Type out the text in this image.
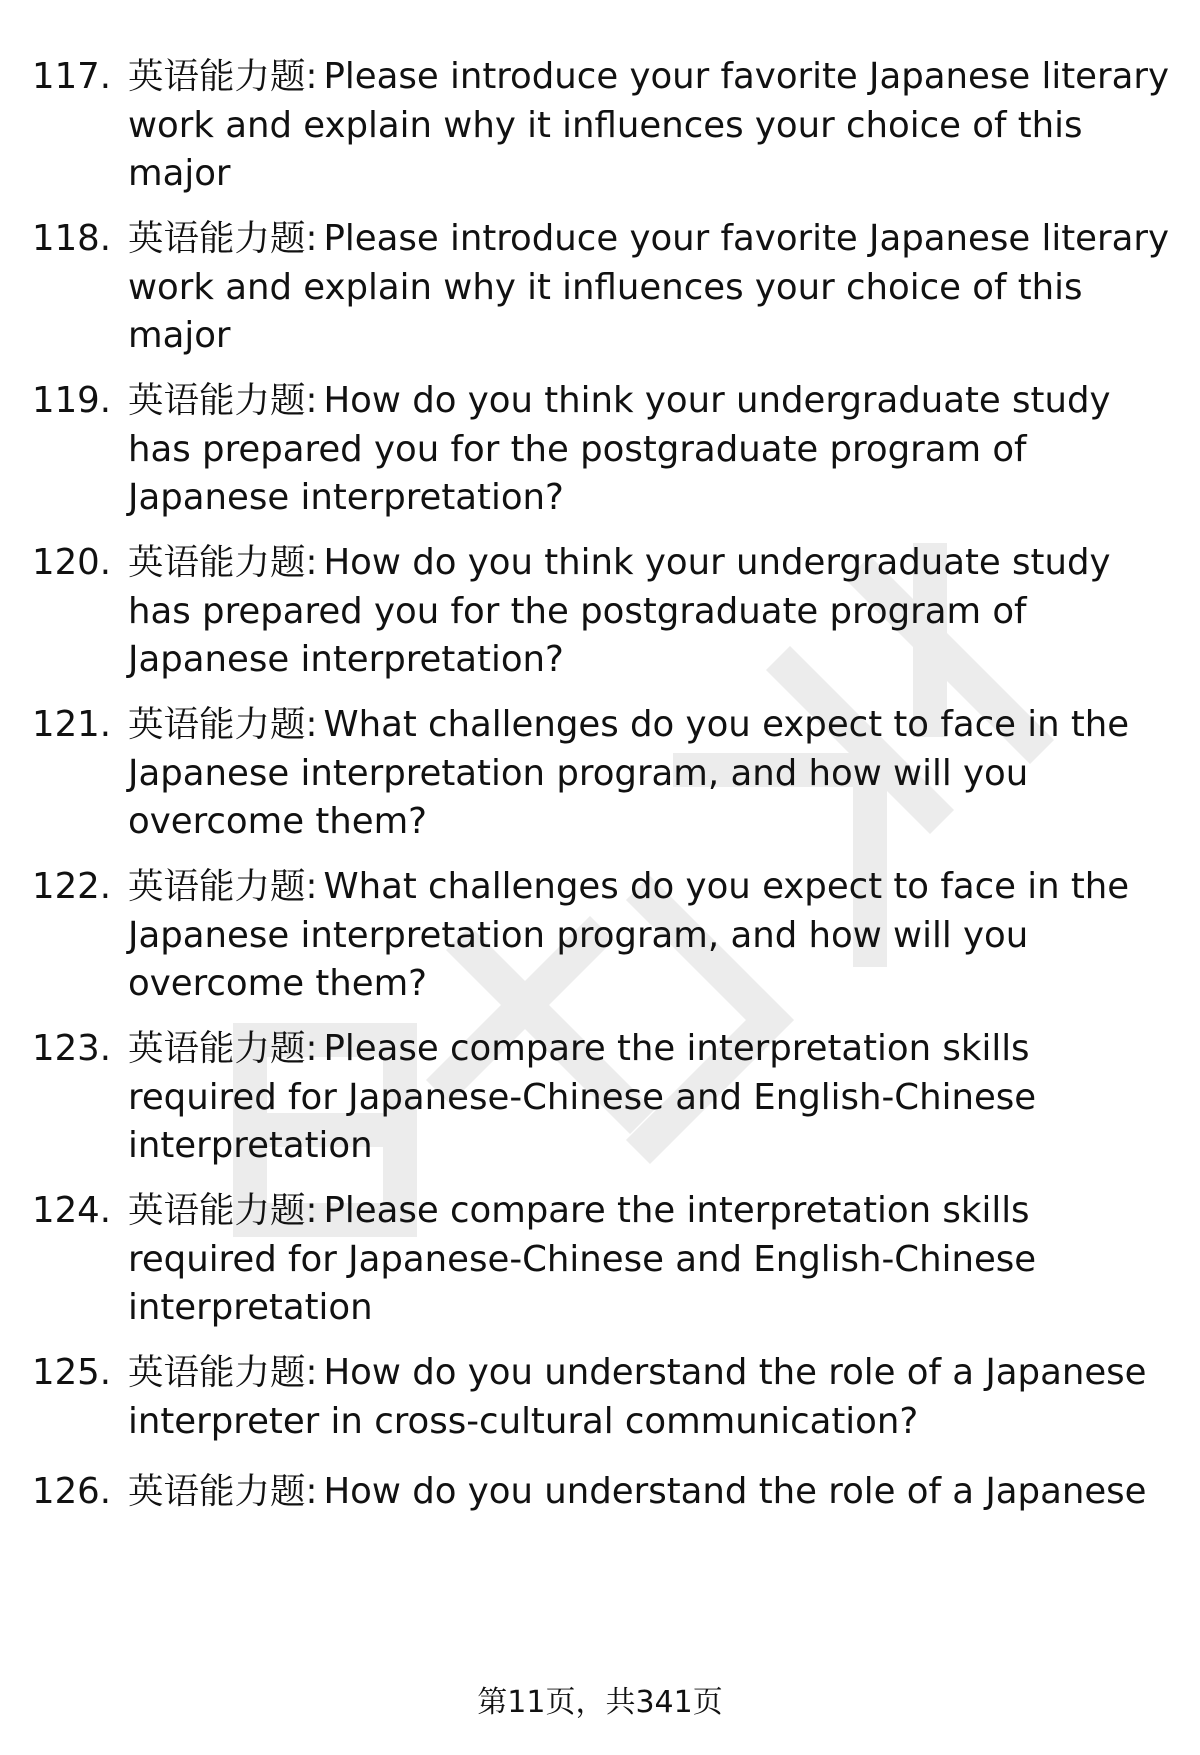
117. 英语能力题: Please introduce your favorite Japanese literary
work and explain why it influences your choice of this
major
118. 英语能力题: Please introduce your favorite Japanese literary
work and explain why it influences your choice of this
major
119. 英语能力题: How do you think your undergraduate study
has prepared you for the postgraduate program of
Japanese interpretation?
120. 英语能力题: How do you think your undergraduate study
has prepared you for the postgraduate program of
Japanese interpretation?
121. 英语能力题: What challenges do you expect to face in the
Japanese interpretation program, and how will you
overcome them?
122. 英语能力题: What challenges do you expect to face in the
Japanese interpretation program, and how will you
overcome them?
123. 英语能力题: Please compare the interpretation skills
required for Japanese-Chinese and English-Chinese
interpretation
124. 英语能力题: Please compare the interpretation skills
required for Japanese-Chinese and English-Chinese
interpretation
125. 英语能力题: How do you understand the role of a Japanese
interpreter in cross-cultural communication?
126. 英语能力题: How do you understand the role of a Japanese
第11页，共341页
